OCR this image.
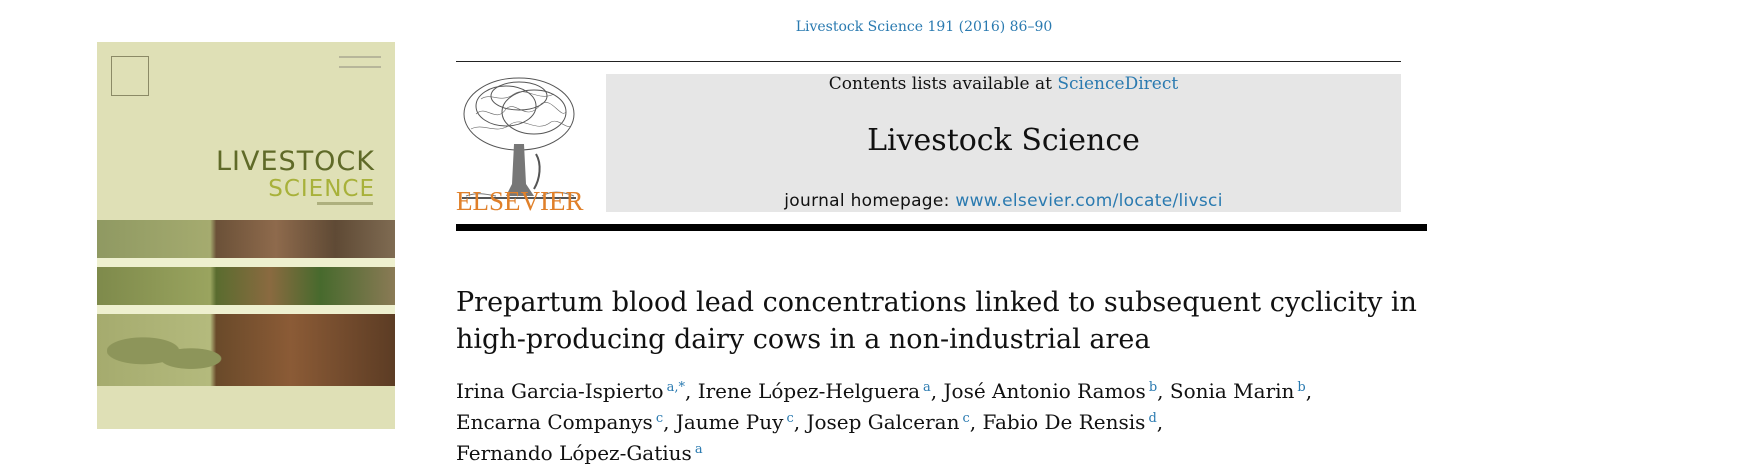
Livestock Science 191 (2016) 86–90
LIVESTOCK
SCIENCE	ELSEVIER
Contents lists available at ScienceDirect
Livestock Science
journal homepage: www.elsevier.com/locate/livsci
Prepartum blood lead concentrations linked to subsequent cyclicity in
high-producing dairy cows in a non-industrial area
Irina Garcia-Ispierto $^{a,*}$, Irene López-Helguera $^a$, José Antonio Ramos $^b$, Sonia Marin $^b$,
Encarna Companys $^c$, Jaume Puy $^c$, Josep Galceran $^c$, Fabio De Rensis $^d$,
Fernando López-Gatius $^a$
